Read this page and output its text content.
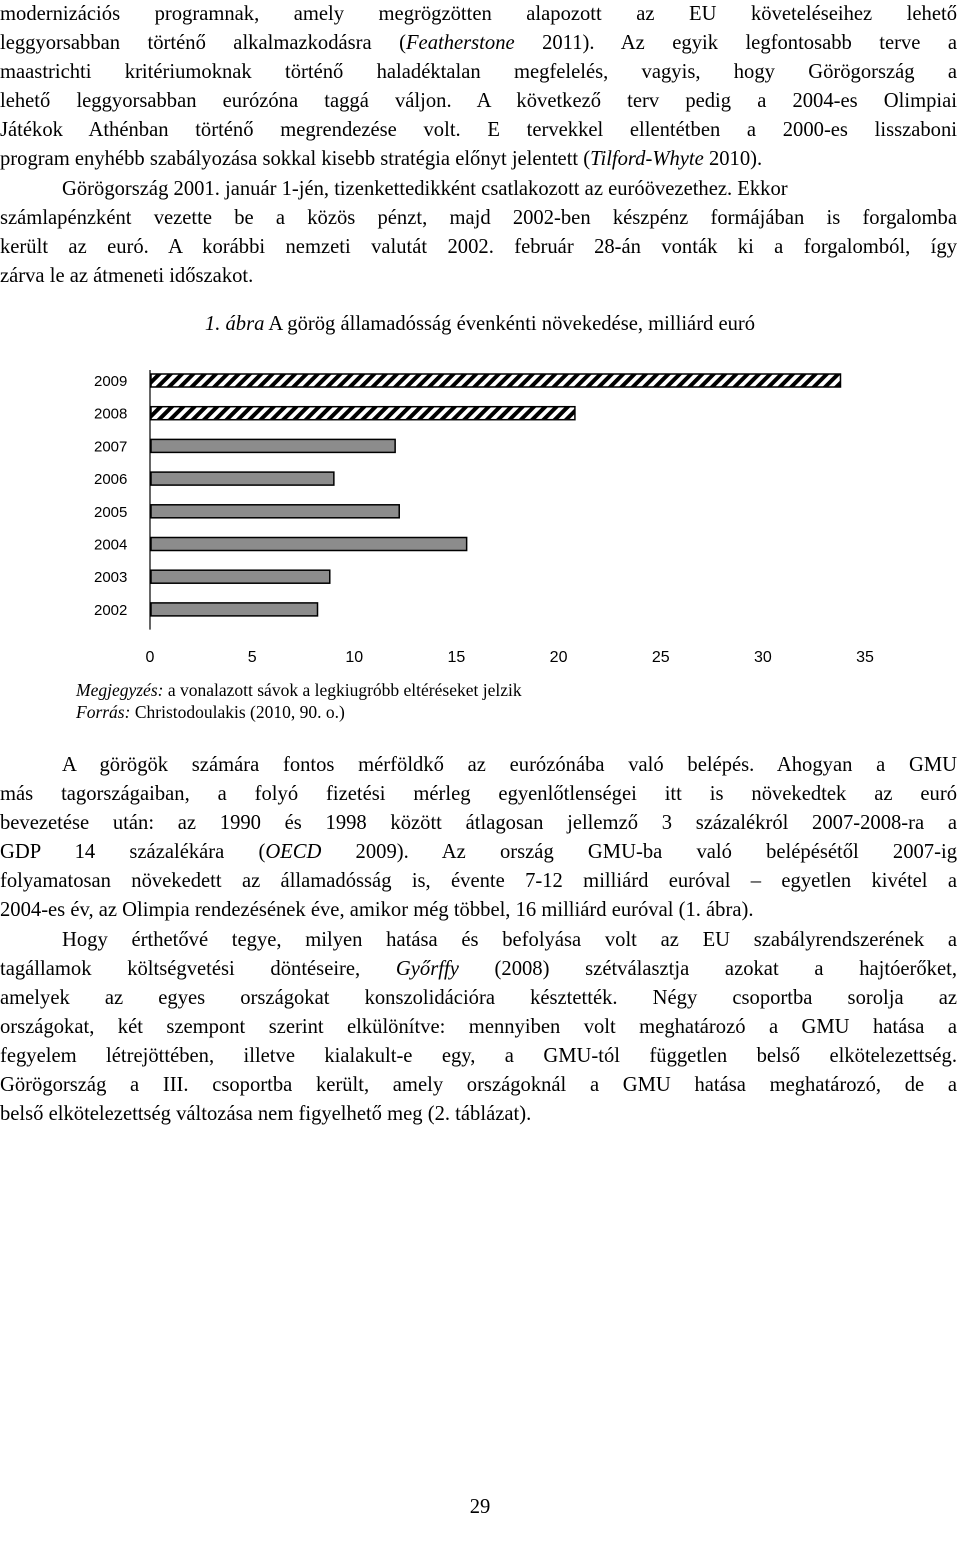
modernizációs programnak, amely megrögzötten alapozott az EU követeléseihez lehető
leggyorsabban történő alkalmazkodásra (Featherstone 2011). Az egyik legfontosabb terve a
maastrichti kritériumoknak történő haladéktalan megfelelés, vagyis, hogy Görögország a
lehető leggyorsabban eurózóna taggá váljon. A következő terv pedig a 2004-es Olimpiai
Játékok Athénban történő megrendezése volt. E tervekkel ellentétben a 2000-es lisszaboni
program enyhébb szabályozása sokkal kisebb stratégia előnyt jelentett (Tilford-Whyte 2010).
Görögország 2001. január 1-jén, tizenkettedikként csatlakozott az euróövezethez. Ekkor
számlapénzként vezette be a közös pénzt, majd 2002-ben készpénz formájában is forgalomba
került az euró. A korábbi nemzeti valutát 2002. február 28-án vonták ki a forgalomból, így
zárva le az átmeneti időszakot.
1. ábra A görög államadósság évenkénti növekedése, milliárd euró
2009
2008
2007
2006
2005
2004
2003
2002
0	5	10	15	20	25	30	35
Megjegyzés: a vonalazott sávok a legkiugróbb eltéréseket jelzik
Forrás: Christodoulakis (2010, 90. o.)
A görögök számára fontos mérföldkő az eurózónába való belépés. Ahogyan a GMU
más tagországaiban, a folyó fizetési mérleg egyenlőtlenségei itt is növekedtek az euró
bevezetése után: az 1990 és 1998 között átlagosan jellemző 3 százalékról 2007-2008-ra a
GDP 14 százalékára (OECD 2009). Az ország GMU-ba való belépésétől 2007-ig
folyamatosan növekedett az államadósság is, évente 7-12 milliárd euróval – egyetlen kivétel a
2004-es év, az Olimpia rendezésének éve, amikor még többel, 16 milliárd euróval (1. ábra).
Hogy érthetővé tegye, milyen hatása és befolyása volt az EU szabályrendszerének a
tagállamok költségvetési döntéseire, Győrffy (2008) szétválasztja azokat a hajtóerőket,
amelyek az egyes országokat konszolidációra késztették. Négy csoportba sorolja az
országokat, két szempont szerint elkülönítve: mennyiben volt meghatározó a GMU hatása a
fegyelem létrejöttében, illetve kialakult-e egy, a GMU-tól független belső elkötelezettség.
Görögország a III. csoportba került, amely országoknál a GMU hatása meghatározó, de a
belső elkötelezettség változása nem figyelhető meg (2. táblázat).
29
